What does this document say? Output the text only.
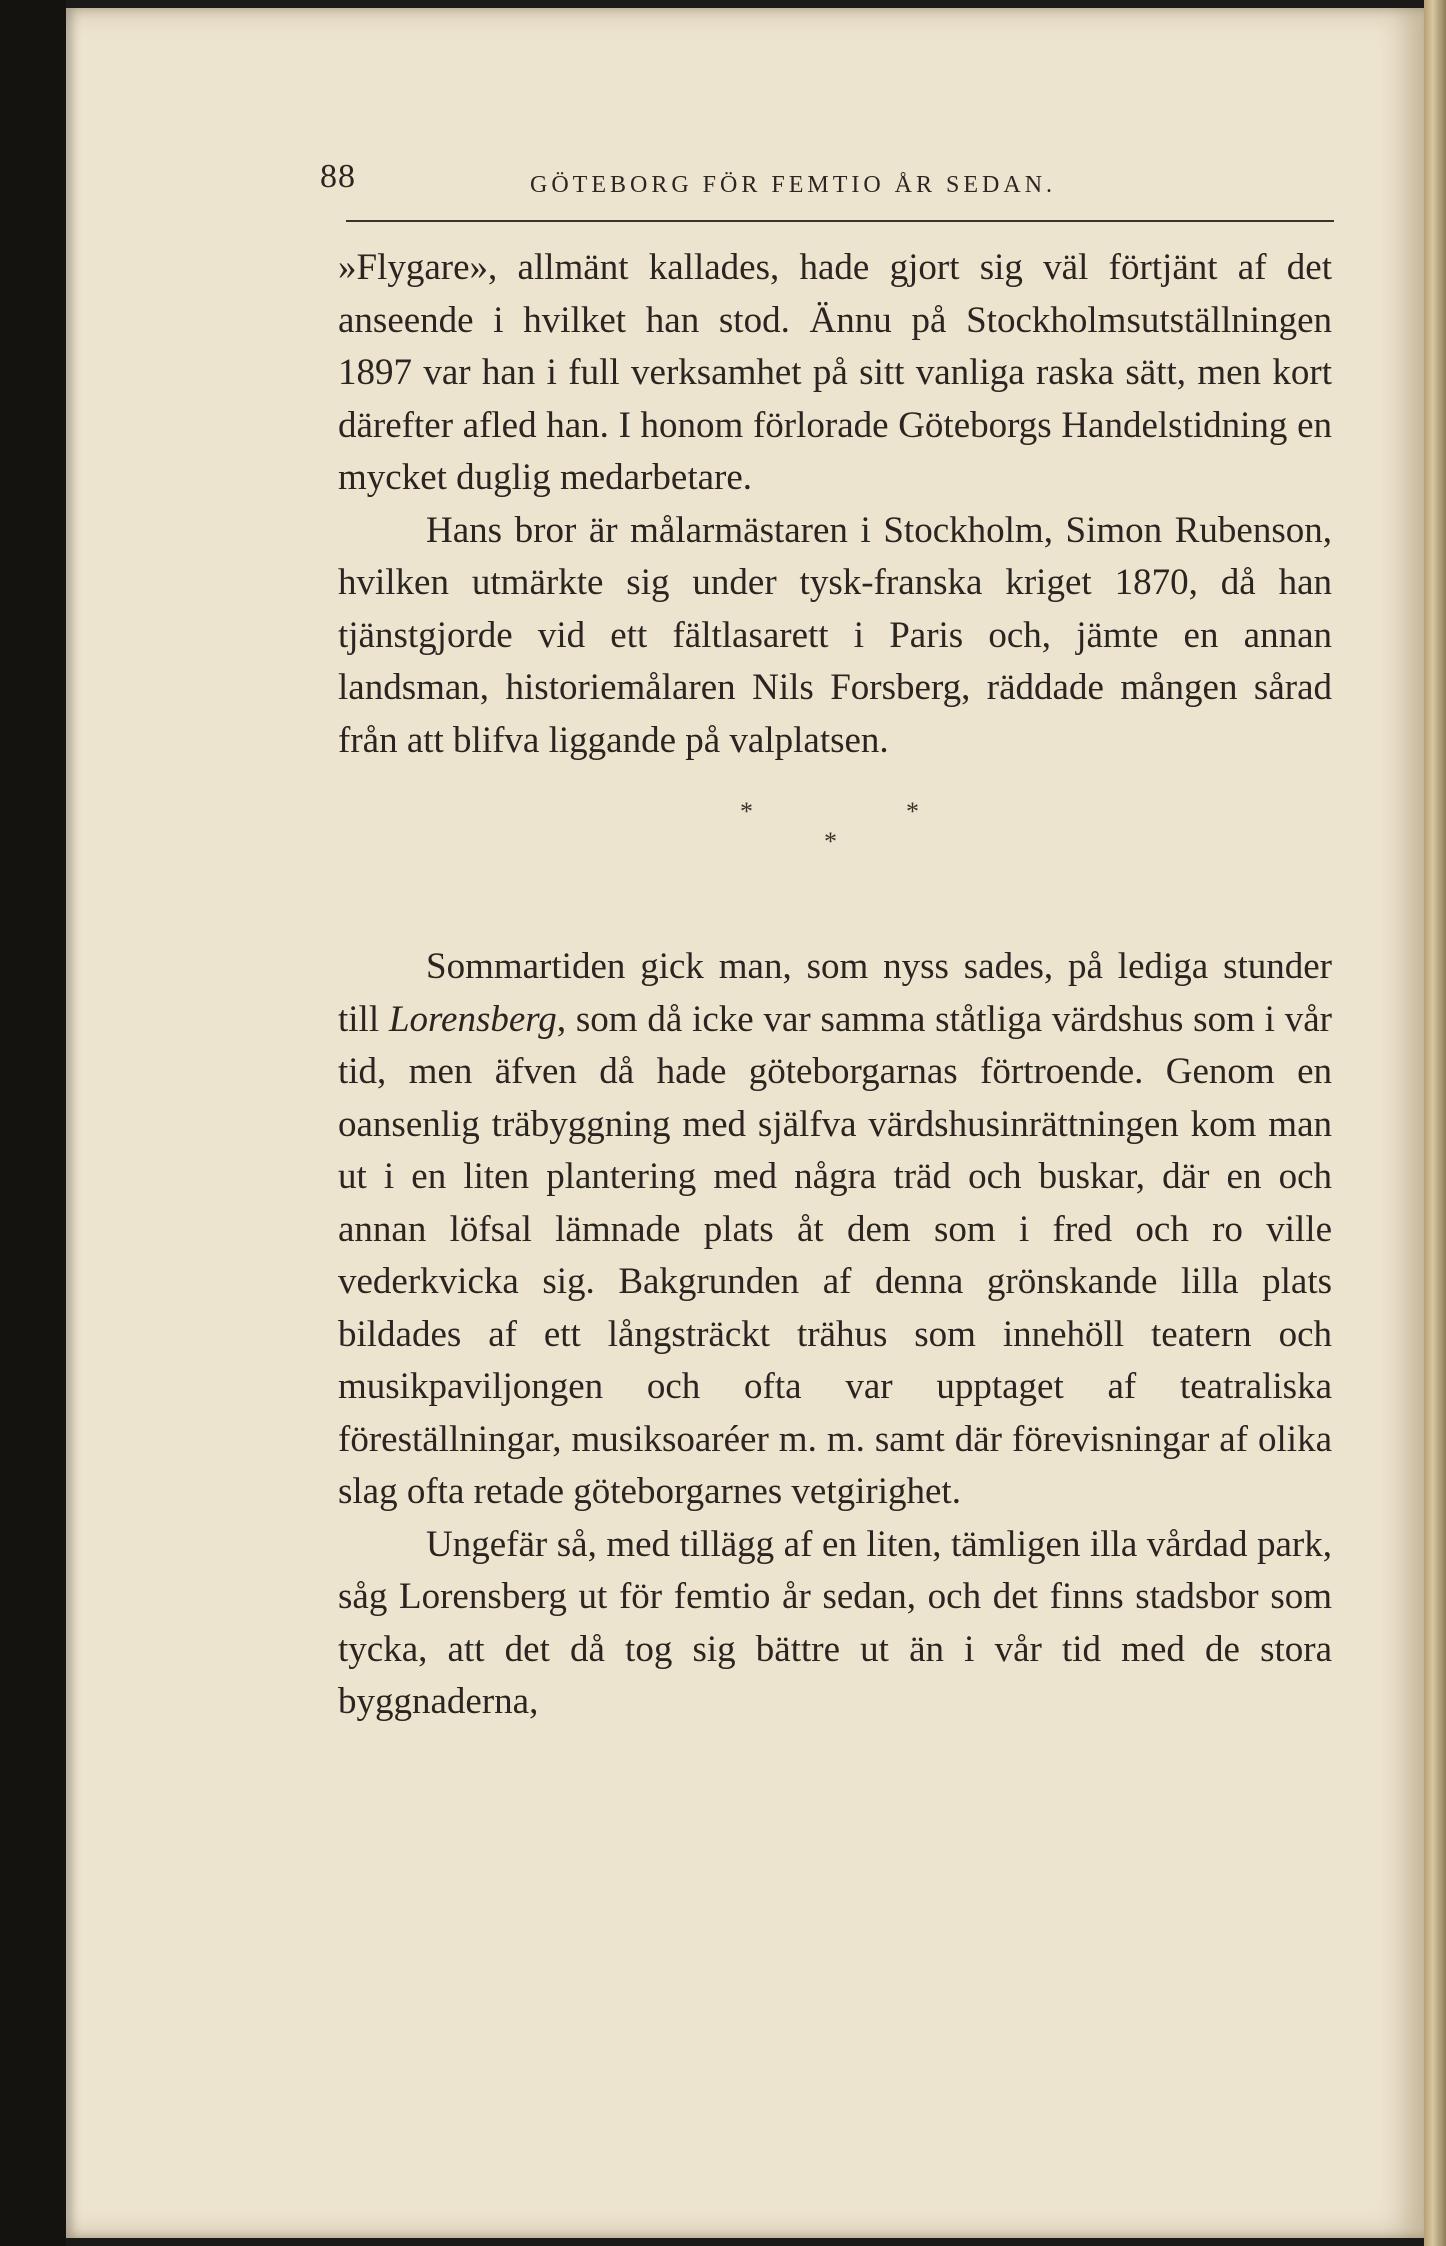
88	GÖTEBORG FÖR FEMTIO ÅR SEDAN.

»Flygare», allmänt kallades, hade gjort sig väl förtjänt af det anseende i hvilket han stod. Ännu på Stockholmsutställningen 1897 var han i full verksamhet på sitt vanliga raska sätt, men kort därefter afled han. I honom förlorade Göteborgs Handelstidning en mycket duglig medarbetare.

Hans bror är målarmästaren i Stockholm, Simon Rubenson, hvilken utmärkte sig under tysk-franska kriget 1870, då han tjänstgjorde vid ett fältlasarett i Paris och, jämte en annan landsman, historiemålaren Nils Forsberg, räddade mången sårad från att blifva liggande på valplatsen.

*	*
*

Sommartiden gick man, som nyss sades, på lediga stunder till Lorensberg, som då icke var samma ståtliga värdshus som i vår tid, men äfven då hade göteborgarnas förtroende. Genom en oansenlig träbyggning med själfva värdshusinrättningen kom man ut i en liten plantering med några träd och buskar, där en och annan löfsal lämnade plats åt dem som i fred och ro ville vederkvicka sig. Bakgrunden af denna grönskande lilla plats bildades af ett långsträckt trähus som innehöll teatern och musikpaviljongen och ofta var upptaget af teatraliska föreställningar, musiksoaréer m. m. samt där förevisningar af olika slag ofta retade göteborgarnes vetgirighet.

Ungefär så, med tillägg af en liten, tämligen illa vårdad park, såg Lorensberg ut för femtio år sedan, och det finns stadsbor som tycka, att det då tog sig bättre ut än i vår tid med de stora byggnaderna,
